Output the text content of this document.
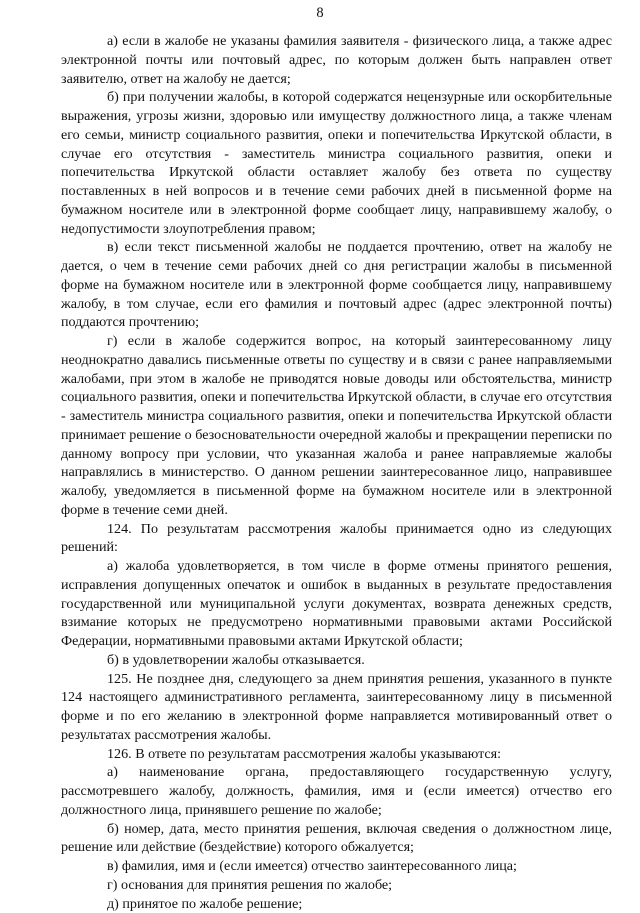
8

а) если в жалобе не указаны фамилия заявителя - физического лица, а также адрес электронной почты или почтовый адрес, по которым должен быть направлен ответ заявителю, ответ на жалобу не дается;

б) при получении жалобы, в которой содержатся нецензурные или оскорбительные выражения, угрозы жизни, здоровью или имуществу должностного лица, а также членам его семьи, министр социального развития, опеки и попечительства Иркутской области, в случае его отсутствия - заместитель министра социального развития, опеки и попечительства Иркутской области оставляет жалобу без ответа по существу поставленных в ней вопросов и в течение семи рабочих дней в письменной форме на бумажном носителе или в электронной форме сообщает лицу, направившему жалобу, о недопустимости злоупотребления правом;

в) если текст письменной жалобы не поддается прочтению, ответ на жалобу не дается, о чем в течение семи рабочих дней со дня регистрации жалобы в письменной форме на бумажном носителе или в электронной форме сообщается лицу, направившему жалобу, в том случае, если его фамилия и почтовый адрес (адрес электронной почты) поддаются прочтению;

г) если в жалобе содержится вопрос, на который заинтересованному лицу неоднократно давались письменные ответы по существу и в связи с ранее направляемыми жалобами, при этом в жалобе не приводятся новые доводы или обстоятельства, министр социального развития, опеки и попечительства Иркутской области, в случае его отсутствия - заместитель министра социального развития, опеки и попечительства Иркутской области принимает решение о безосновательности очередной жалобы и прекращении переписки по данному вопросу при условии, что указанная жалоба и ранее направляемые жалобы направлялись в министерство. О данном решении заинтересованное лицо, направившее жалобу, уведомляется в письменной форме на бумажном носителе или в электронной форме в течение семи дней.

124. По результатам рассмотрения жалобы принимается одно из следующих решений:

а) жалоба удовлетворяется, в том числе в форме отмены принятого решения, исправления допущенных опечаток и ошибок в выданных в результате предоставления государственной или муниципальной услуги документах, возврата денежных средств, взимание которых не предусмотрено нормативными правовыми актами Российской Федерации, нормативными правовыми актами Иркутской области;

б) в удовлетворении жалобы отказывается.

125. Не позднее дня, следующего за днем принятия решения, указанного в пункте 124 настоящего административного регламента, заинтересованному лицу в письменной форме и по его желанию в электронной форме направляется мотивированный ответ о результатах рассмотрения жалобы.

126. В ответе по результатам рассмотрения жалобы указываются:

а) наименование органа, предоставляющего государственную услугу, рассмотревшего жалобу, должность, фамилия, имя и (если имеется) отчество его должностного лица, принявшего решение по жалобе;

б) номер, дата, место принятия решения, включая сведения о должностном лице, решение или действие (бездействие) которого обжалуется;

в) фамилия, имя и (если имеется) отчество заинтересованного лица;

г) основания для принятия решения по жалобе;

д) принятое по жалобе решение;
